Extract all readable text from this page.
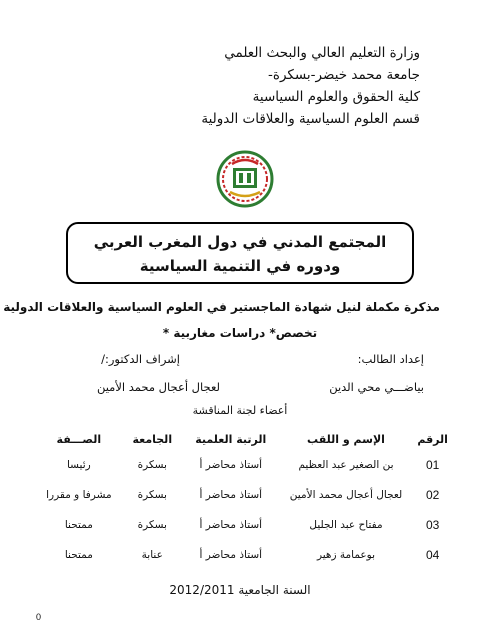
وزارة التعليم العالي والبحث العلمي
جامعة محمد خيضر-بسكرة-
كلية الحقوق والعلوم السياسية
قسم العلوم السياسية والعلاقات الدولية
المجتمع المدني في دول المغرب العربي
ودوره في التنمية السياسية
مذكرة مكملة لنيل شهادة الماجستير في العلوم السياسية والعلاقات الدولية
تخصص* دراسات مغاربية *
إعداد الطالب:
إشراف الدكتور:/
بياضـــي محي الدين
لعجال أعجال محمد الأمين
أعضاء لجنة المناقشة
الرقم	الإسم و اللقب	الرتبة العلمية	الجامعة	الصـــفة
01	بن الصغير عبد العظيم	أستاذ محاضر أ	بسكرة	رئيسا
02	لعجال أعجال محمد الأمين	أستاذ محاضر أ	بسكرة	مشرفا و مقررا
03	مفتاح عبد الجليل	أستاذ محاضر أ	بسكرة	ممتحنا
04	بوعمامة زهير	أستاذ محاضر أ	عنابة	ممتحنا
السنة الجامعية 2012/2011
0
